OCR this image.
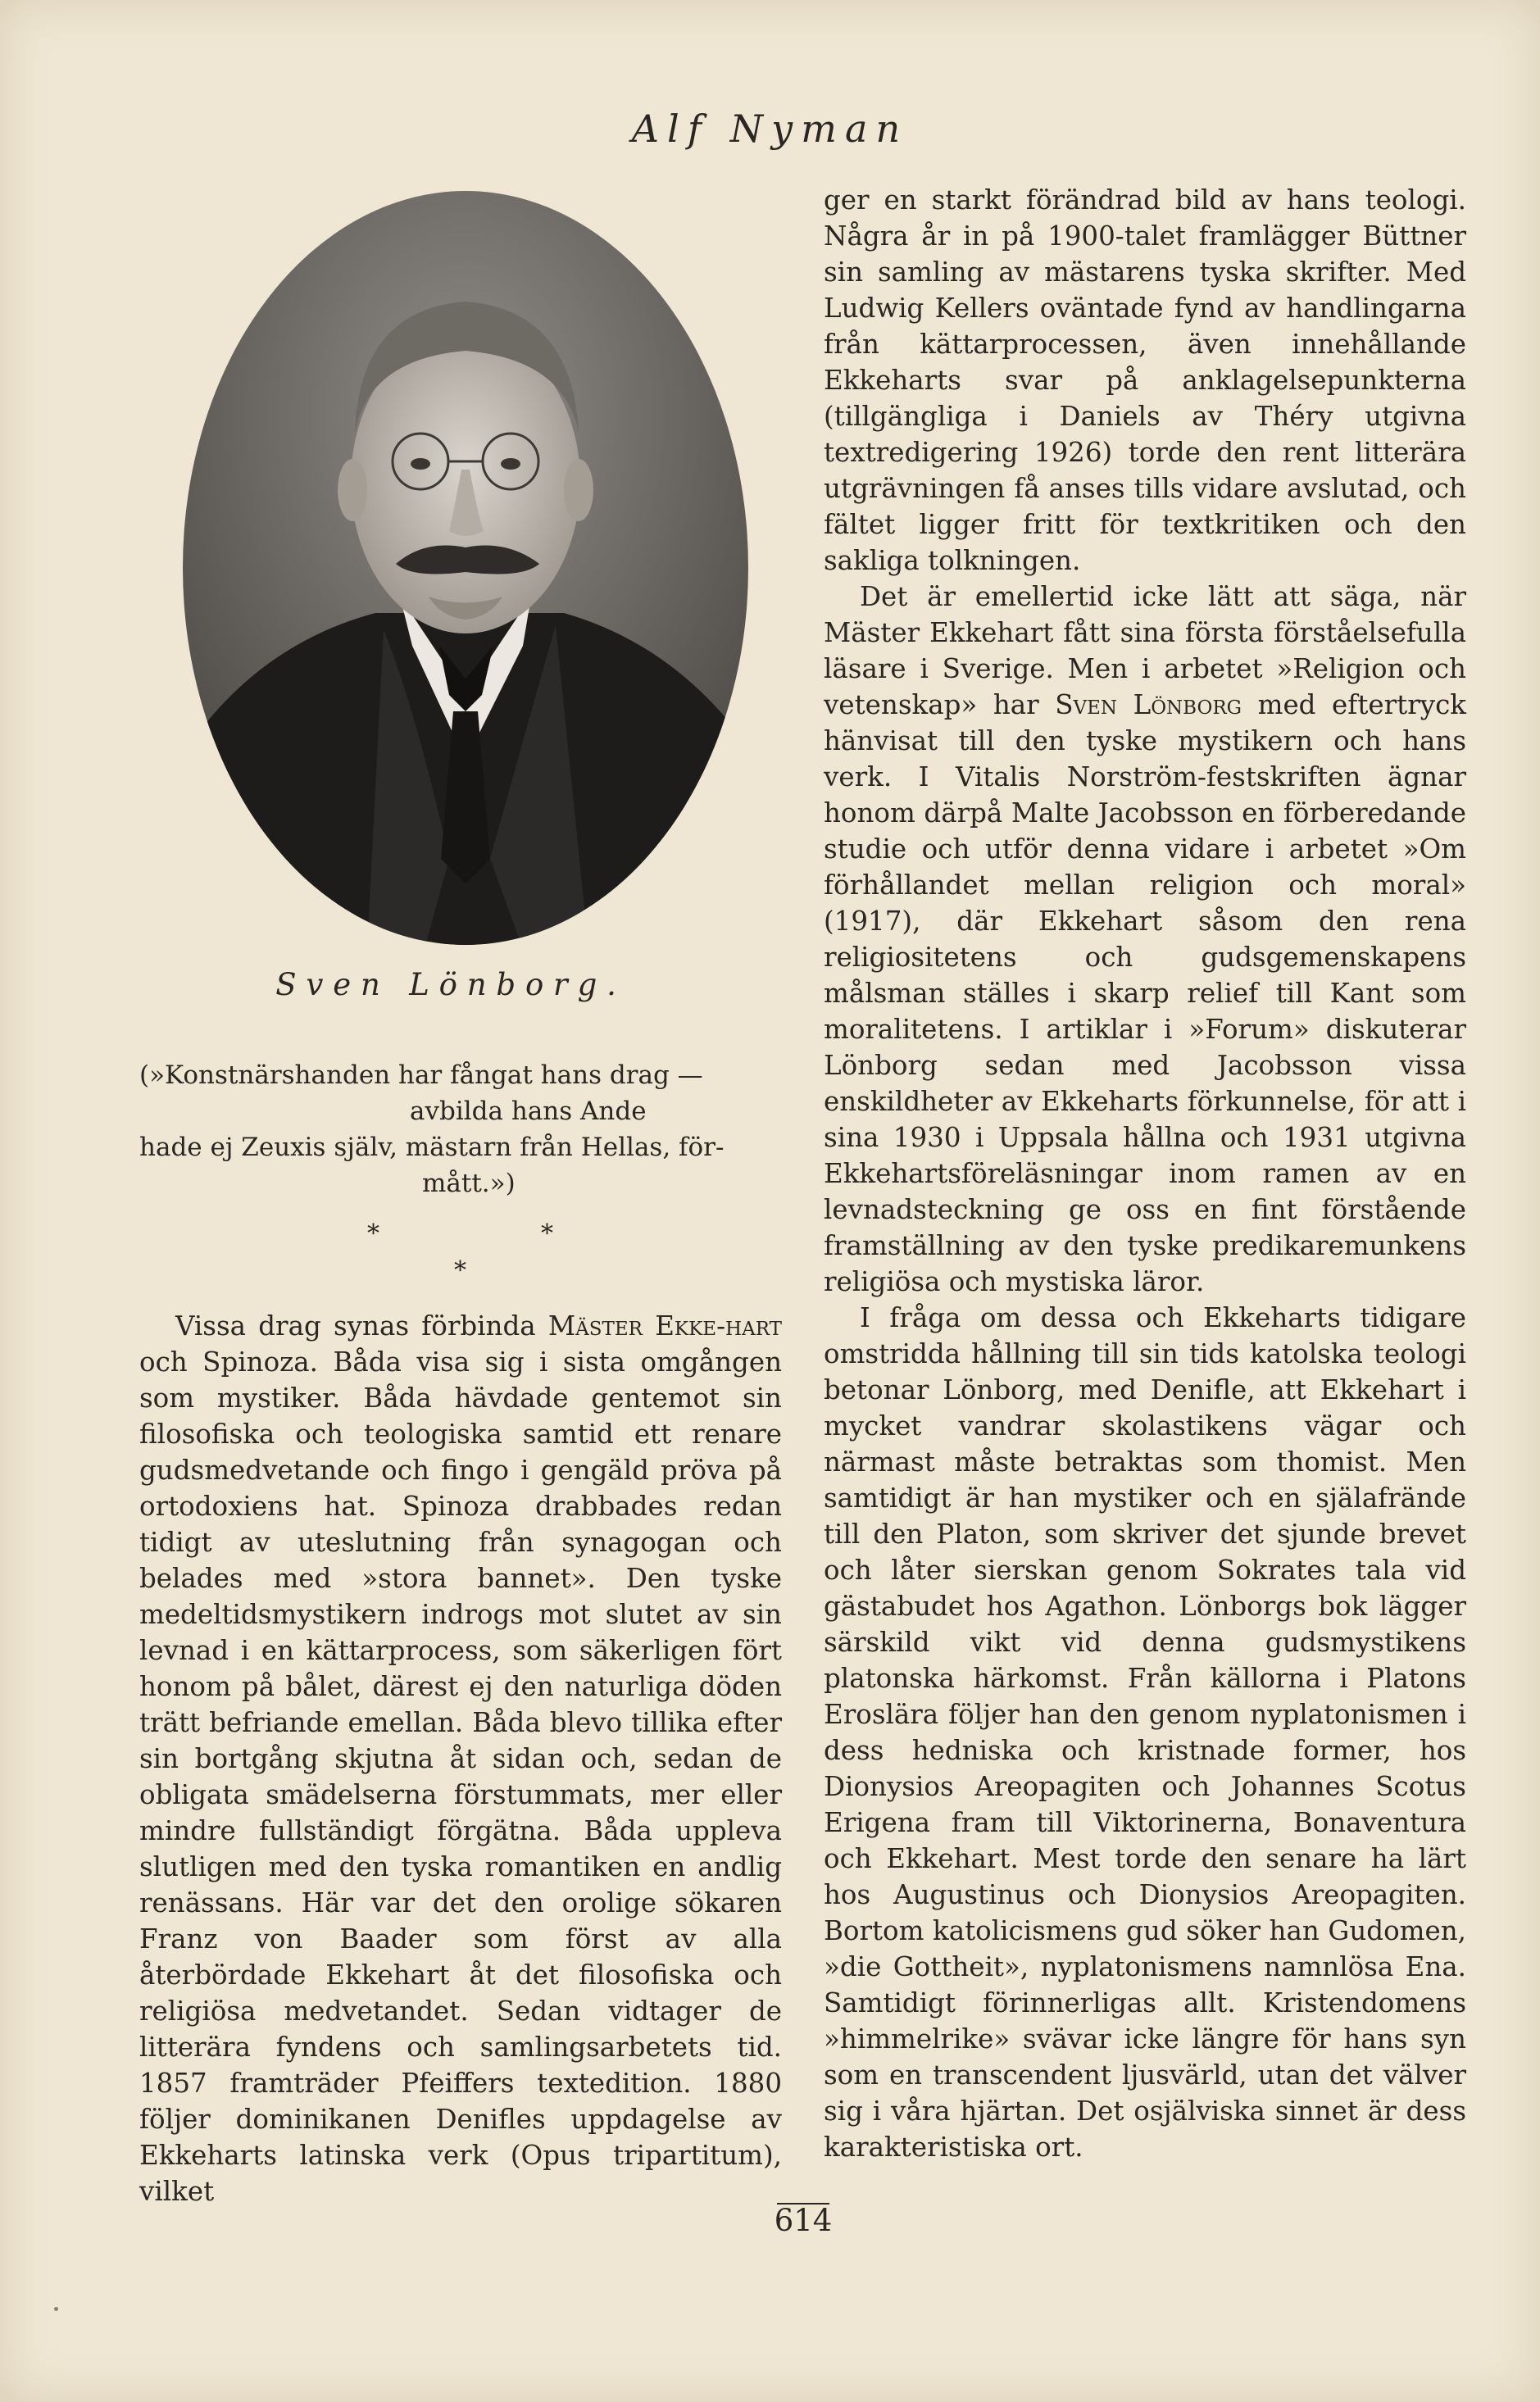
Alf Nyman
Sven Lönborg.

(»Konstnärshanden har fångat hans drag —

avbilda hans Ande

hade ej Zeuxis själv, mästarn från Hellas, för-

mått.»)

*	*
*

Vissa drag synas förbinda Mäster Ekke-hart och Spinoza. Båda visa sig i sista omgången som mystiker. Båda hävdade gentemot sin filosofiska och teologiska samtid ett renare gudsmedvetande och fingo i gengäld pröva på ortodoxiens hat. Spinoza drabbades redan tidigt av uteslutning från synagogan och belades med »stora bannet». Den tyske medeltidsmystikern indrogs mot slutet av sin levnad i en kättarprocess, som säkerligen fört honom på bålet, därest ej den naturliga döden trätt befriande emellan. Båda blevo tillika efter sin bortgång skjutna åt sidan och, sedan de obligata smädelserna förstummats, mer eller mindre fullständigt förgätna. Båda uppleva slutligen med den tyska romantiken en andlig renässans. Här var det den orolige sökaren Franz von Baader som först av alla återbördade Ekkehart åt det filosofiska och religiösa medvetandet. Sedan vidtager de litterära fyndens och samlingsarbetets tid. 1857 framträder Pfeiffers textedition. 1880 följer dominikanen Denifles uppdagelse av Ekkeharts latinska verk (Opus tripartitum), vilket

ger en starkt förändrad bild av hans teologi. Några år in på 1900-talet framlägger Büttner sin samling av mästarens tyska skrifter. Med Ludwig Kellers oväntade fynd av handlingarna från kättarprocessen, även innehållande Ekkeharts svar på anklagelsepunkterna (tillgängliga i Daniels av Théry utgivna textredigering 1926) torde den rent litterära utgrävningen få anses tills vidare avslutad, och fältet ligger fritt för textkritiken och den sakliga tolkningen.

Det är emellertid icke lätt att säga, när Mäster Ekkehart fått sina första förståelsefulla läsare i Sverige. Men i arbetet »Religion och vetenskap» har Sven Lönborg med eftertryck hänvisat till den tyske mystikern och hans verk. I Vitalis Norström-festskriften ägnar honom därpå Malte Jacobsson en förberedande studie och utför denna vidare i arbetet »Om förhållandet mellan religion och moral» (1917), där Ekkehart såsom den rena religiositetens och gudsgemenskapens målsman ställes i skarp relief till Kant som moralitetens. I artiklar i »Forum» diskuterar Lönborg sedan med Jacobsson vissa enskildheter av Ekkeharts förkunnelse, för att i sina 1930 i Uppsala hållna och 1931 utgivna Ekkehartsföreläsningar inom ramen av en levnadsteckning ge oss en fint förstående framställning av den tyske predikaremunkens religiösa och mystiska läror.

I fråga om dessa och Ekkeharts tidigare omstridda hållning till sin tids katolska teologi betonar Lönborg, med Denifle, att Ekkehart i mycket vandrar skolastikens vägar och närmast måste betraktas som thomist. Men samtidigt är han mystiker och en själafrände till den Platon, som skriver det sjunde brevet och låter sierskan genom Sokrates tala vid gästabudet hos Agathon. Lönborgs bok lägger särskild vikt vid denna gudsmystikens platonska härkomst. Från källorna i Platons Eroslära följer han den genom nyplatonismen i dess hedniska och kristnade former, hos Dionysios Areopagiten och Johannes Scotus Erigena fram till Viktorinerna, Bonaventura och Ekkehart. Mest torde den senare ha lärt hos Augustinus och Dionysios Areopagiten. Bortom katolicismens gud söker han Gudomen, »die Gottheit», nyplatonismens namnlösa Ena. Samtidigt förinnerligas allt. Kristendomens »himmelrike» svävar icke längre för hans syn som en transcendent ljusvärld, utan det välver sig i våra hjärtan. Det osjälviska sinnet är dess karakteristiska ort.

614
